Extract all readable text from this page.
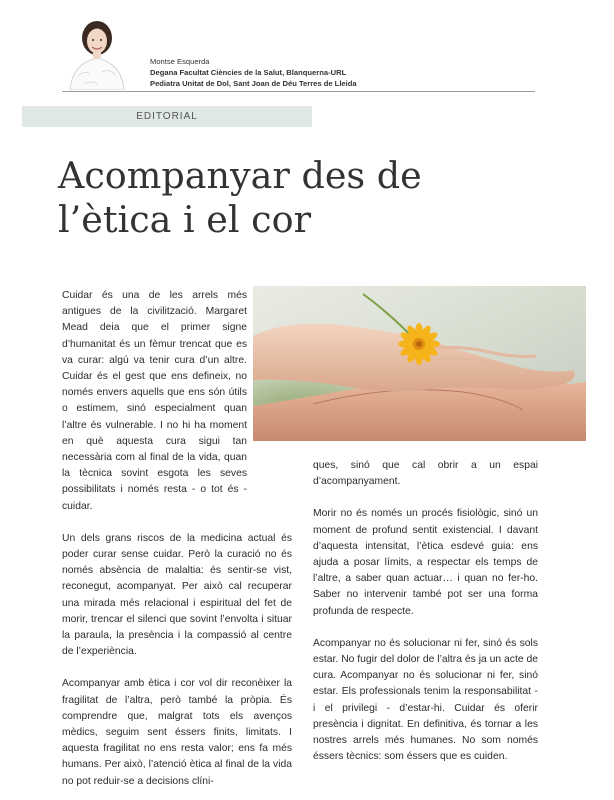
Montse Esquerda
Degana Facultat Ciències de la Salut, Blanquerna-URL
Pediatra Unitat de Dol, Sant Joan de Déu Terres de Lleida
EDITORIAL
Acompanyar des de
l’ètica i el cor

Cuidar és una de les arrels més antigues de la civilització. Margaret Mead deia que el primer signe d’humanitat és un fèmur trencat que es va curar: algú va tenir cura d’un altre. Cuidar és el gest que ens defineix, no només envers aquells que ens són útils o estimem, sinó especialment quan l’altre és vulnerable. I no hi ha moment en què aquesta cura sigui tan necessària com al final de la vida, quan la tècnica sovint esgota les seves possibilitats i només resta - o tot és - cuidar.

Un dels grans riscos de la medicina actual és poder curar sense cuidar. Però la curació no és només absència de malaltia: és sentir-se vist, reconegut, acompanyat. Per això cal recuperar una mirada més relacional i espiritual del fet de morir, trencar el silenci que sovint l’envolta i situar la paraula, la presència i la compassió al centre de l’experiència.

Acompanyar amb ètica i cor vol dir reconèixer la fragilitat de l’altra, però també la pròpia. És comprendre que, malgrat tots els avenços mèdics, seguim sent éssers finits, limitats. I aquesta fragilitat no ens resta valor; ens fa més humans. Per això, l’atenció ètica al final de la vida no pot reduir-se a decisions clíni-

ques, sinó que cal obrir a un espai d’acompanyament.

Morir no és només un procés fisiològic, sinó un moment de profund sentit existencial. I davant d’aquesta intensitat, l’ètica esdevé guia: ens ajuda a posar límits, a respectar els temps de l’altre, a saber quan actuar… i quan no fer-ho. Saber no intervenir també pot ser una forma profunda de respecte.

Acompanyar no és solucionar ni fer, sinó és sols estar. No fugir del dolor de l’altra és ja un acte de cura. Acompanyar no és solucionar ni fer, sinó estar. Els professionals tenim la responsabilitat - i el privilegi - d’estar-hi. Cuidar és oferir presència i dignitat. En definitiva, és tornar a les nostres arrels més humanes. No som només éssers tècnics: som éssers que es cuiden.
